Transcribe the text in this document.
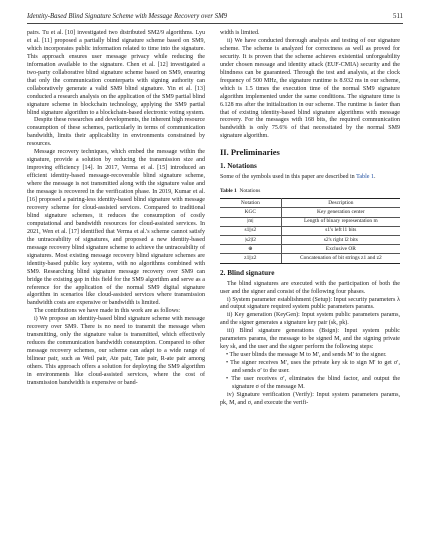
Identity-Based Blind Signature Scheme with Message Recovery over SM9	511

pairs. Tu et al. [10] investigated two distributed SM2/9 algorithms. Lyu et al. [11] proposed a partially blind signature scheme based on SM9, which incorporates public information related to time into the signature. This approach ensures user message privacy while reducing the information available to the signature. Chen et al. [12] investigated a two-party collaborative blind signature scheme based on SM9, ensuring that only the communication counterparts with signing authority can collaboratively generate a valid SM9 blind signature. Yin et al. [13] conducted a research analysis on the application of the SM9 partial blind signature scheme in blockchain technology, applying the SM9 partial blind signature algorithm to a blockchain-based electronic voting system.

Despite these researches and developments, the inherent high resource consumption of these schemes, particularly in terms of communication bandwidth, limits their applicability in environments constrained by resources.

Message recovery techniques, which embed the message within the signature, provide a solution by reducing the transmission size and improving efficiency [14]. In 2017, Verma et al. [15] introduced an efficient identity-based message-recoverable blind signature scheme, where the message is not transmitted along with the signature value and the message is recovered in the verification phase. In 2019, Kumar et al. [16] proposed a pairing-less identity-based blind signature with message recovery scheme for cloud-assisted services. Compared to traditional blind signature schemes, it reduces the consumption of costly computational and bandwidth resources for cloud-assisted services. In 2021, Wen et al. [17] identified that Verma et al.'s scheme cannot satisfy the untraceability of signatures, and proposed a new identity-based message recovery blind signature scheme to achieve the untraceability of signatures. Most existing message recovery blind signature schemes are identity-based public key systems, with no algorithms combined with SM9. Researching blind signature message recovery over SM9 can bridge the existing gap in this field for the SM9 algorithm and serve as a reference for the application of the normal SM9 digital signature algorithm in scenarios like cloud-assisted services where transmission bandwidth costs are expensive or bandwidth is limited.

The contributions we have made in this work are as follows:

i) We propose an identity-based blind signature scheme with message recovery over SM9. There is no need to transmit the message when transmitting, only the signature value is transmitted, which effectively reduces the communication bandwidth consumption. Compared to other message recovery schemes, our scheme can adapt to a wide range of bilinear pair, such as Weil pair, Ate pair, Tate pair, R-ate pair among others. This approach offers a solution for deploying the SM9 algorithm in environments like cloud-assisted services, where the cost of transmission bandwidth is expensive or band-

width is limited.

ii) We have conducted thorough analysis and testing of our signature scheme. The scheme is analyzed for correctness as well as proved for security. It is proven that the scheme achieves existential unforgeability under chosen message and identity attack (EUF-CMIA) security and the blindness can be guaranteed. Through the test and analysis, at the clock frequency of 500 MHz, the signature runtime is 8.932 ms in our scheme, which is 1.5 times the execution time of the normal SM9 signature algorithm implemented under the same conditions. The signature time is 6.128 ms after the initialization in our scheme. The runtime is faster than that of existing identity-based blind signature algorithms with message recovery. For the messages with 168 bits, the required communication bandwidth is only 75.6% of that necessitated by the normal SM9 signature algorithm.

II. Preliminaries
1. Notations

Some of the symbols used in this paper are described in Table 1.

Table 1 Notations
Notation	Description
KGC	Key generation center
|m|	Length of binary representation m
s1||s2	s1's left l1 bits
|s2|l2	s2's right l2 bits
⊕	Exclusive OR
z1||z2	Concatenation of bit strings z1 and z2
2. Blind signature

The blind signatures are executed with the participation of both the user and the signer and consist of the following four phases.

i) System parameter establishment (Setup): Input security parameters λ and output signature required system public parameters params.

ii) Key generation (KeyGen): Input system public parameters params, and the signer generates a signature key pair (sk, pk).

iii) Blind signature generations (Bsign): Input system public parameters params, the message to be signed M, and the signing private key sk, and the user and the signer perform the following steps:

• The user blinds the message M to M′, and sends M′ to the signer.

• The signer receives M′, uses the private key sk to sign M′ to get σ′, and sends σ′ to the user.

• The user receives σ′, eliminates the blind factor, and output the signature σ of the message M.

iv) Signature verification (Verify): Input system parameters params, pk, M, and σ, and execute the verifi-
